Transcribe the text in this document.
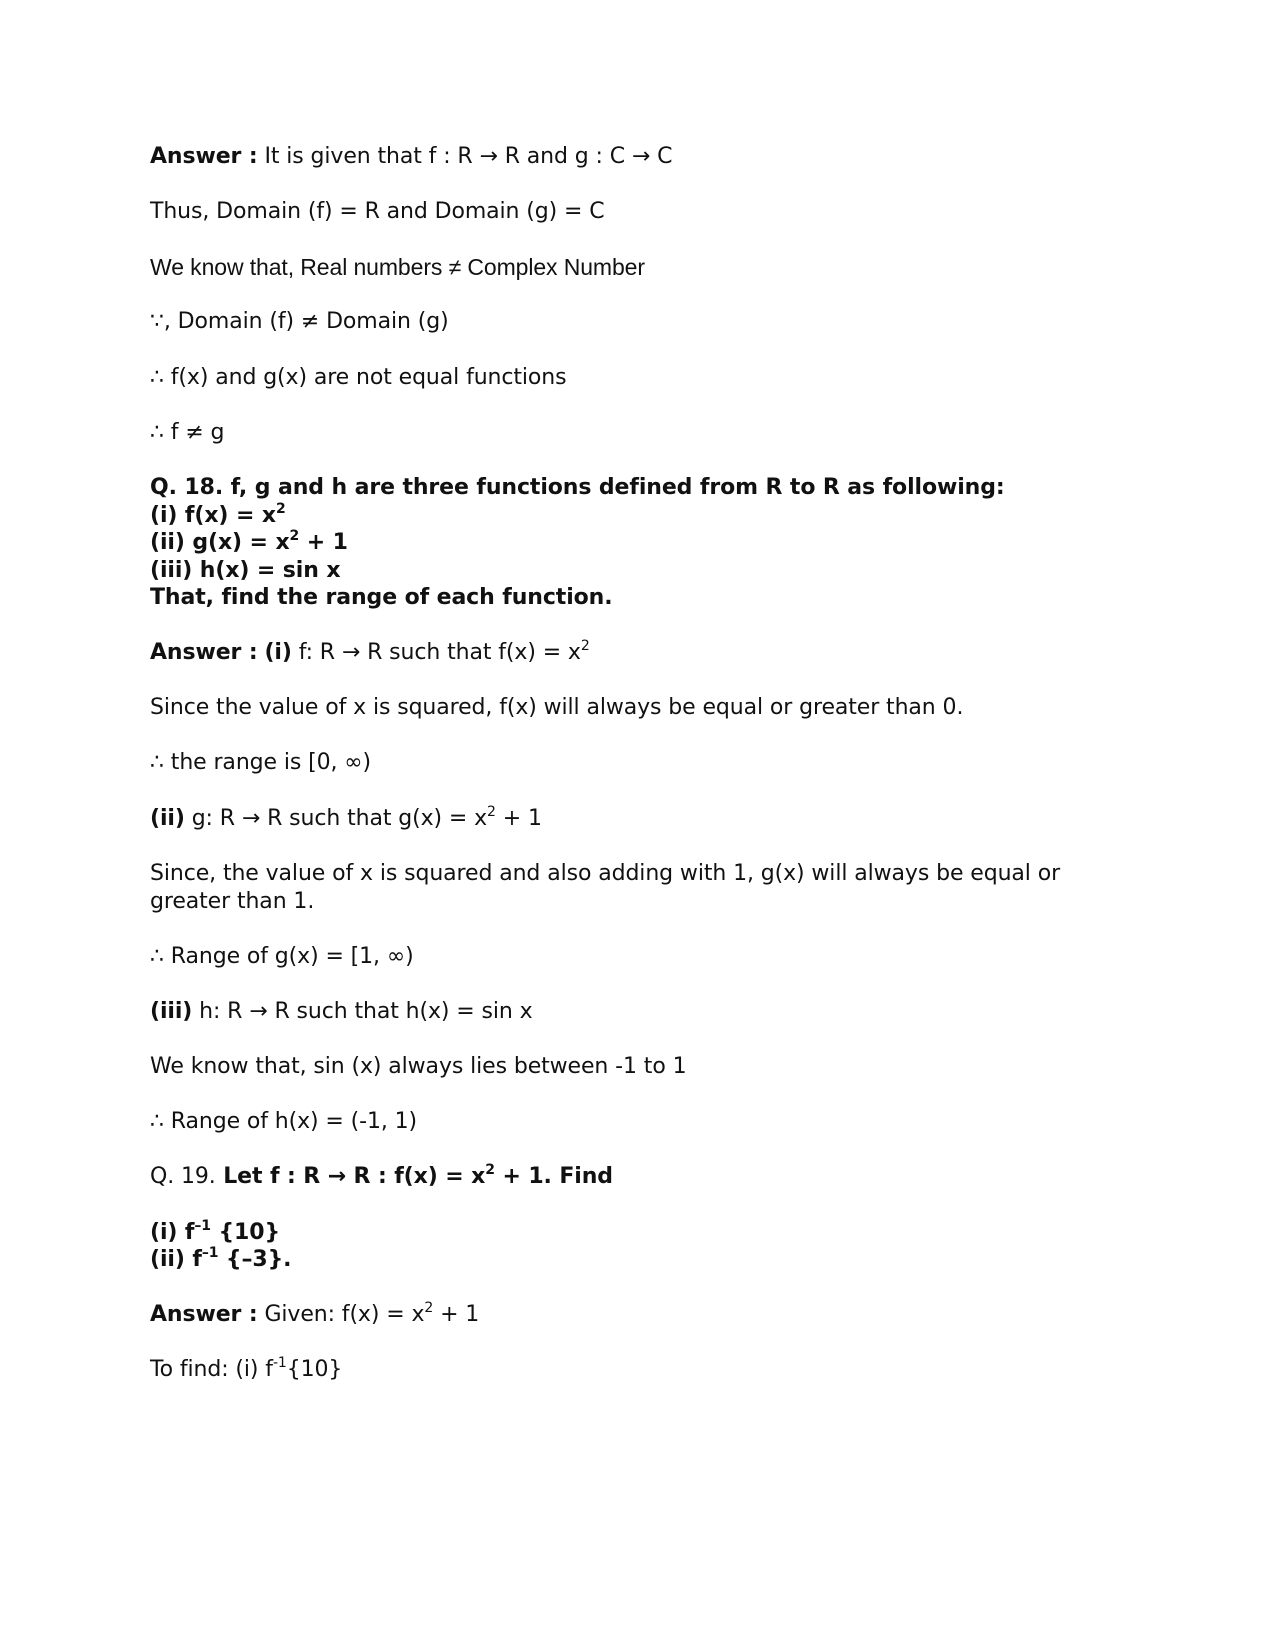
Answer : It is given that f : R → R and g : C → C
Thus, Domain (f) = R and Domain (g) = C
We know that, Real numbers ≠ Complex Number
∵, Domain (f) ≠ Domain (g)
∴ f(x) and g(x) are not equal functions
∴ f ≠ g
Q. 18. f, g and h are three functions defined from R to R as following:
(i) $f(x) = x^2$
(ii) $g(x) = x^2 + 1$
(iii) h(x) = sin x
That, find the range of each function.
Answer : (i) f: R → R such that $f(x) = x^2$
Since the value of x is squared, f(x) will always be equal or greater than 0.
∴ the range is [0, ∞)
(ii) g: R → R such that $g(x) = x^2 + 1$
Since, the value of x is squared and also adding with 1, g(x) will always be equal or greater than 1.
∴ Range of g(x) = [1, ∞)
(iii) h: R → R such that h(x) = sin x
We know that, sin (x) always lies between -1 to 1
∴ Range of h(x) = (-1, 1)
Q. 19. Let f : R → R : $f(x) = x^2 + 1$. Find
(i) $f^{-1}$ {10}
(ii) $f^{-1}$ {–3}.
Answer : Given: $f(x) = x^2 + 1$
To find: (i) $f^{-1}\{10\}$
